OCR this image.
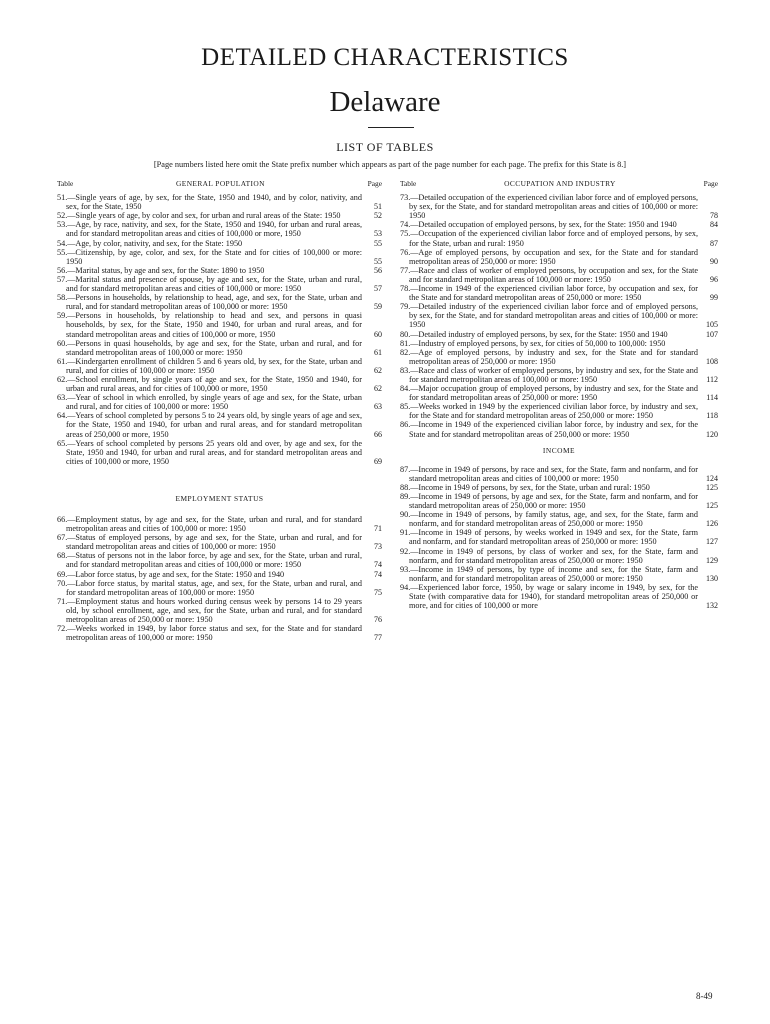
DETAILED CHARACTERISTICS
Delaware
LIST OF TABLES
[Page numbers listed here omit the State prefix number which appears as part of the page number for each page. The prefix for this State is 8.]
Table	GENERAL POPULATION	Page
51.—Single years of age, by sex, for the State, 1950 and 1940, and by color, nativity, and sex, for the State, 1950	51
52.—Single years of age, by color and sex, for urban and rural areas of the State: 1950	52
53.—Age, by race, nativity, and sex, for the State, 1950 and 1940, for urban and rural areas, and for standard metropolitan areas and cities of 100,000 or more, 1950	53
54.—Age, by color, nativity, and sex, for the State: 1950	55
55.—Citizenship, by age, color, and sex, for the State and for cities of 100,000 or more: 1950	55
56.—Marital status, by age and sex, for the State: 1890 to 1950	56
57.—Marital status and presence of spouse, by age and sex, for the State, urban and rural, and for standard metropolitan areas and cities of 100,000 or more: 1950	57
58.—Persons in households, by relationship to head, age, and sex, for the State, urban and rural, and for standard metropolitan areas of 100,000 or more: 1950	59
59.—Persons in households, by relationship to head and sex, and persons in quasi households, by sex, for the State, 1950 and 1940, for urban and rural areas, and for standard metropolitan areas and cities of 100,000 or more, 1950	60
60.—Persons in quasi households, by age and sex, for the State, urban and rural, and for standard metropolitan areas of 100,000 or more: 1950	61
61.—Kindergarten enrollment of children 5 and 6 years old, by sex, for the State, urban and rural, and for cities of 100,000 or more: 1950	62
62.—School enrollment, by single years of age and sex, for the State, 1950 and 1940, for urban and rural areas, and for cities of 100,000 or more, 1950	62
63.—Year of school in which enrolled, by single years of age and sex, for the State, urban and rural, and for cities of 100,000 or more: 1950	63
64.—Years of school completed by persons 5 to 24 years old, by single years of age and sex, for the State, 1950 and 1940, for urban and rural areas, and for standard metropolitan areas of 250,000 or more, 1950	66
65.—Years of school completed by persons 25 years old and over, by age and sex, for the State, 1950 and 1940, for urban and rural areas, and for standard metropolitan areas and cities of 100,000 or more, 1950	69
EMPLOYMENT STATUS
66.—Employment status, by age and sex, for the State, urban and rural, and for standard metropolitan areas and cities of 100,000 or more: 1950	71
67.—Status of employed persons, by age and sex, for the State, urban and rural, and for standard metropolitan areas and cities of 100,000 or more: 1950	73
68.—Status of persons not in the labor force, by age and sex, for the State, urban and rural, and for standard metropolitan areas and cities of 100,000 or more: 1950	74
69.—Labor force status, by age and sex, for the State: 1950 and 1940	74
70.—Labor force status, by marital status, age, and sex, for the State, urban and rural, and for standard metropolitan areas of 100,000 or more: 1950	75
71.—Employment status and hours worked during census week by persons 14 to 29 years old, by school enrollment, age, and sex, for the State, urban and rural, and for standard metropolitan areas of 250,000 or more: 1950	76
72.—Weeks worked in 1949, by labor force status and sex, for the State and for standard metropolitan areas of 100,000 or more: 1950	77
Table	OCCUPATION AND INDUSTRY	Page
73.—Detailed occupation of the experienced civilian labor force and of employed persons, by sex, for the State, and for standard metropolitan areas and cities of 100,000 or more: 1950	78
74.—Detailed occupation of employed persons, by sex, for the State: 1950 and 1940	84
75.—Occupation of the experienced civilian labor force and of employed persons, by sex, for the State, urban and rural: 1950	87
76.—Age of employed persons, by occupation and sex, for the State and for standard metropolitan areas of 250,000 or more: 1950	90
77.—Race and class of worker of employed persons, by occupation and sex, for the State and for standard metropolitan areas of 100,000 or more: 1950	96
78.—Income in 1949 of the experienced civilian labor force, by occupation and sex, for the State and for standard metropolitan areas of 250,000 or more: 1950	99
79.—Detailed industry of the experienced civilian labor force and of employed persons, by sex, for the State, and for standard metropolitan areas and cities of 100,000 or more: 1950	105
80.—Detailed industry of employed persons, by sex, for the State: 1950 and 1940	107
81.—Industry of employed persons, by sex, for cities of 50,000 to 100,000: 1950
82.—Age of employed persons, by industry and sex, for the State and for standard metropolitan areas of 250,000 or more: 1950	108
83.—Race and class of worker of employed persons, by industry and sex, for the State and for standard metropolitan areas of 100,000 or more: 1950	112
84.—Major occupation group of employed persons, by industry and sex, for the State and for standard metropolitan areas of 250,000 or more: 1950	114
85.—Weeks worked in 1949 by the experienced civilian labor force, by industry and sex, for the State and for standard metropolitan areas of 250,000 or more: 1950	118
86.—Income in 1949 of the experienced civilian labor force, by industry and sex, for the State and for standard metropolitan areas of 250,000 or more: 1950	120
INCOME
87.—Income in 1949 of persons, by race and sex, for the State, farm and nonfarm, and for standard metropolitan areas and cities of 100,000 or more: 1950	124
88.—Income in 1949 of persons, by sex, for the State, urban and rural: 1950	125
89.—Income in 1949 of persons, by age and sex, for the State, farm and nonfarm, and for standard metropolitan areas of 250,000 or more: 1950	125
90.—Income in 1949 of persons, by family status, age, and sex, for the State, farm and nonfarm, and for standard metropolitan areas of 250,000 or more: 1950	126
91.—Income in 1949 of persons, by weeks worked in 1949 and sex, for the State, farm and nonfarm, and for standard metropolitan areas of 250,000 or more: 1950	127
92.—Income in 1949 of persons, by class of worker and sex, for the State, farm and nonfarm, and for standard metropolitan areas of 250,000 or more: 1950	129
93.—Income in 1949 of persons, by type of income and sex, for the State, farm and nonfarm, and for standard metropolitan areas of 250,000 or more: 1950	130
94.—Experienced labor force, 1950, by wage or salary income in 1949, by sex, for the State (with comparative data for 1940), for standard metropolitan areas of 250,000 or more, and for cities of 100,000 or more	132
8-49
